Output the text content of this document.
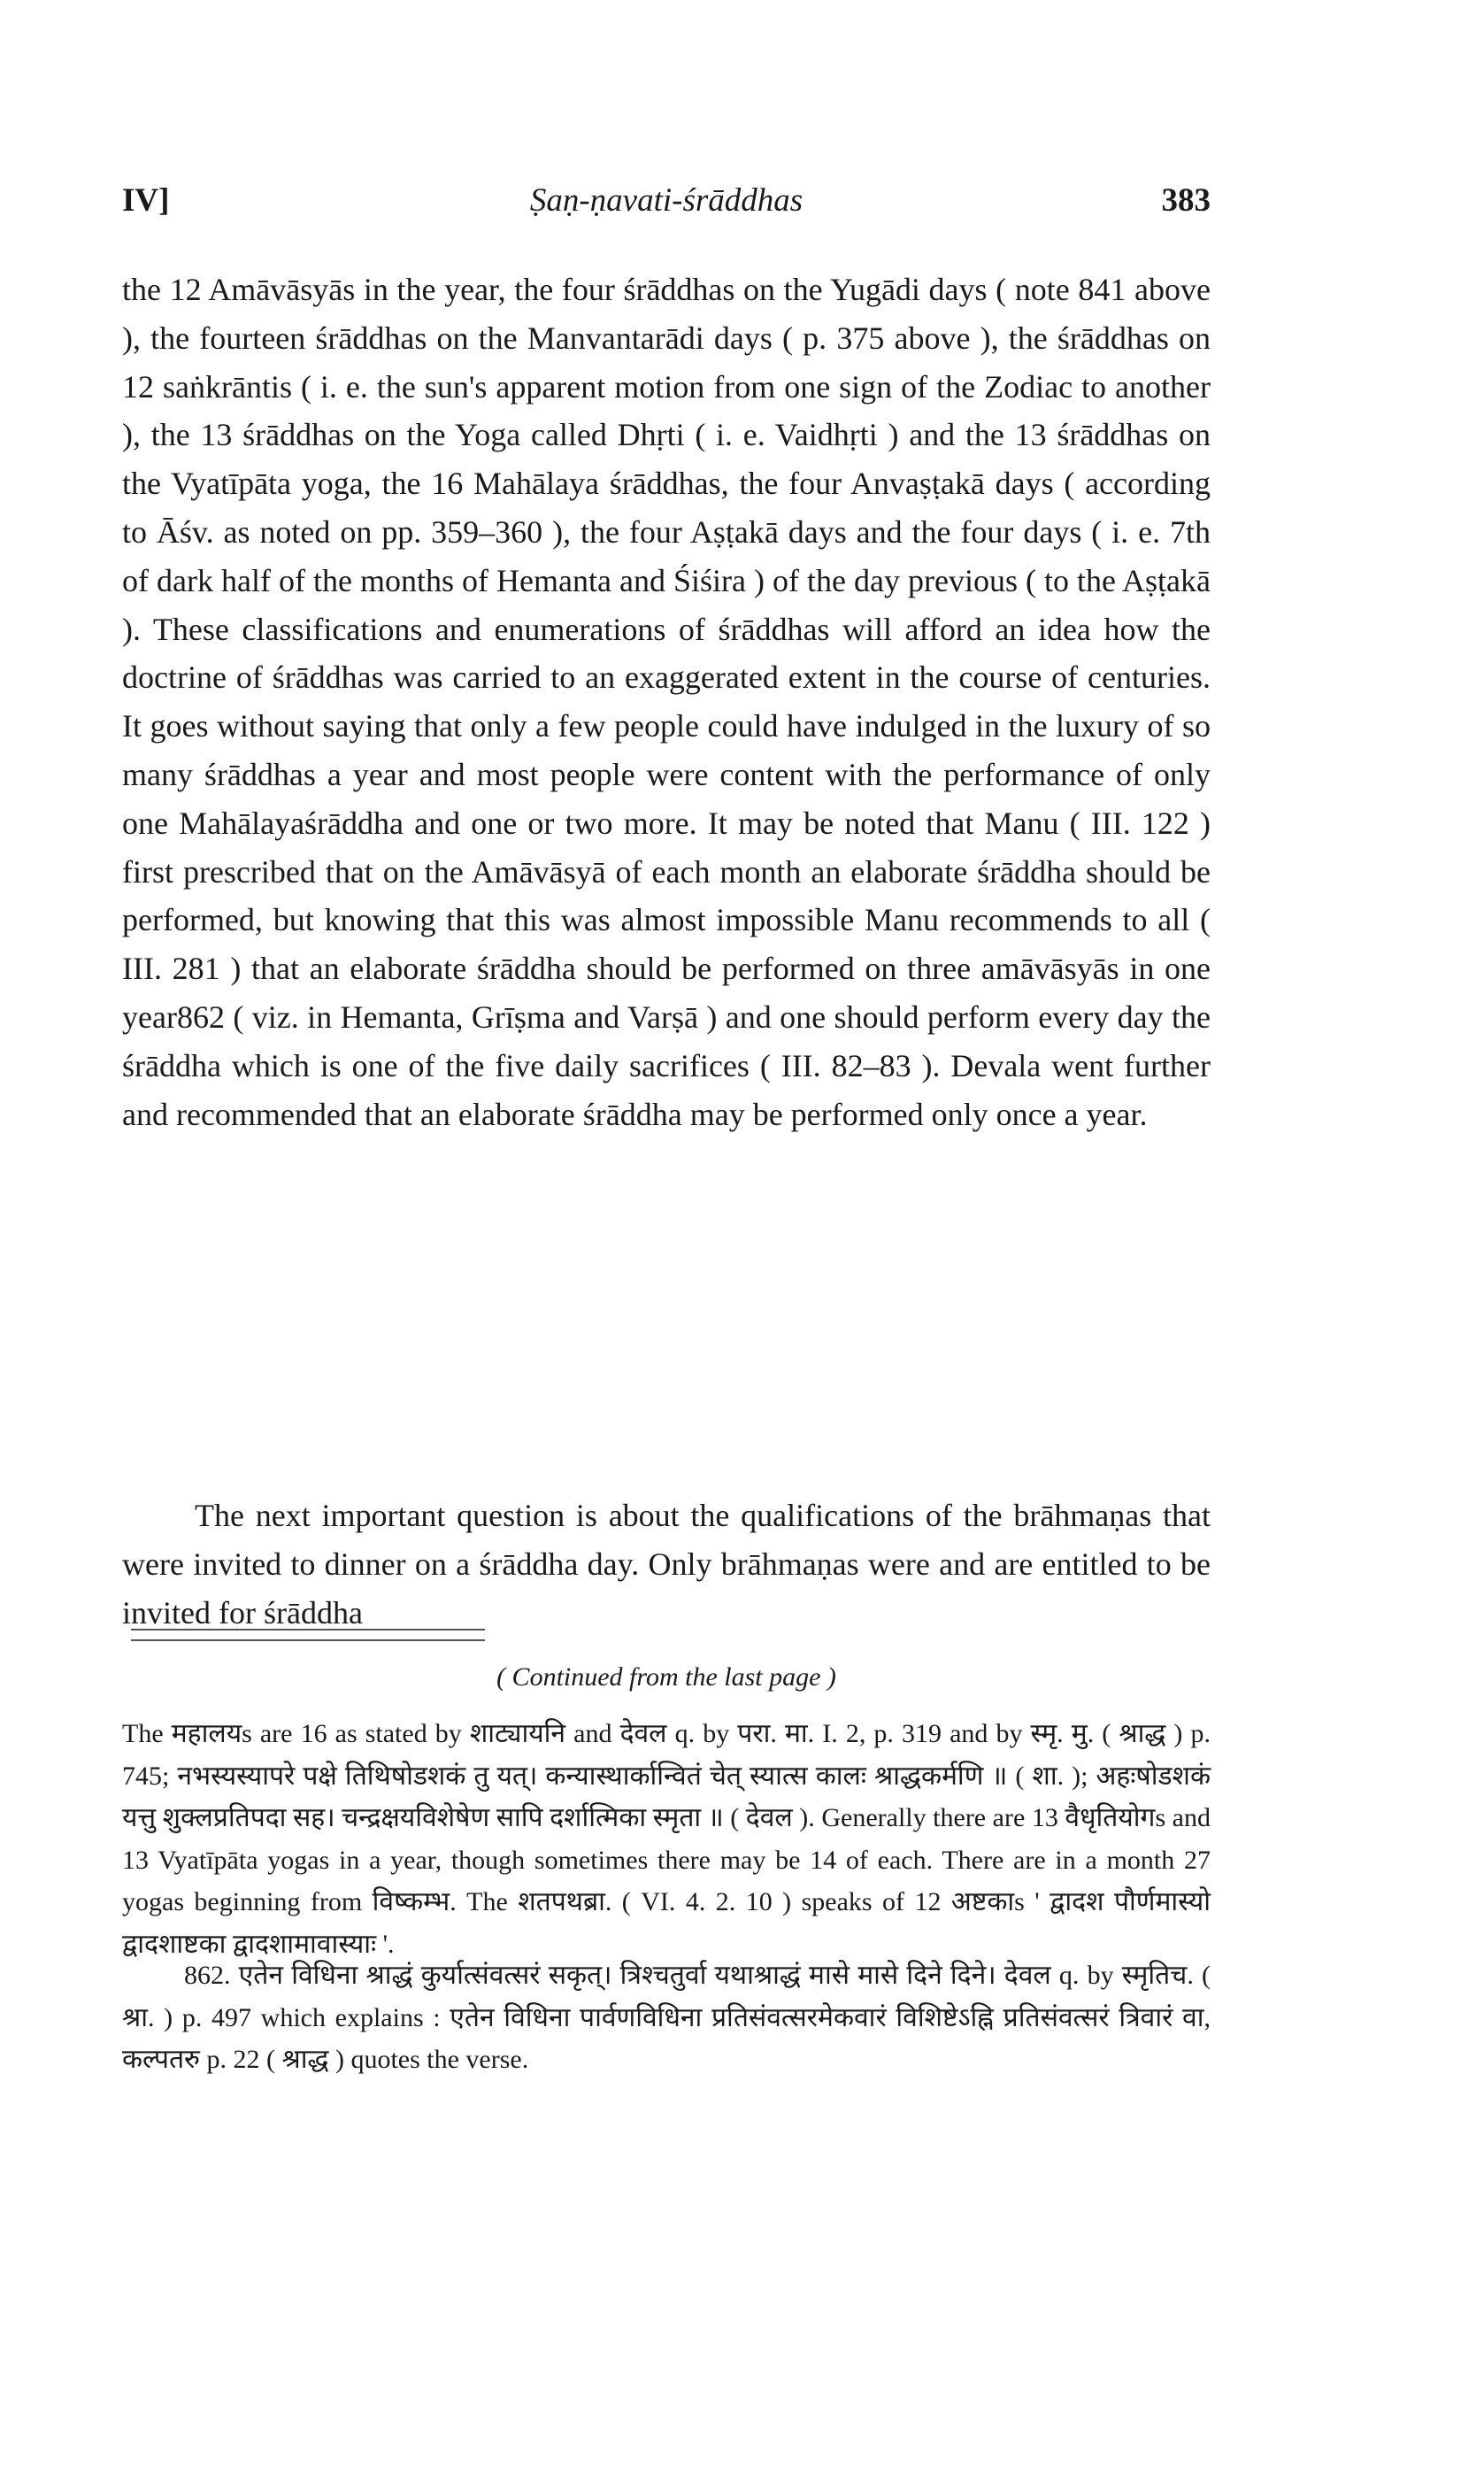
IV]	Ṣaṇ-ṇavati-śrāddhas	383

the 12 Amāvāsyās in the year, the four śrāddhas on the Yugādi days ( note 841 above ), the fourteen śrāddhas on the Manvantarādi days ( p. 375 above ), the śrāddhas on 12 saṅkrāntis ( i. e. the sun's apparent motion from one sign of the Zodiac to another ), the 13 śrāddhas on the Yoga called Dhṛti ( i. e. Vaidhṛti ) and the 13 śrāddhas on the Vyatīpāta yoga, the 16 Mahālaya śrāddhas, the four Anvaṣṭakā days ( according to Āśv. as noted on pp. 359–360 ), the four Aṣṭakā days and the four days ( i. e. 7th of dark half of the months of Hemanta and Śiśira ) of the day previous ( to the Aṣṭakā ). These classifications and enumerations of śrāddhas will afford an idea how the doctrine of śrāddhas was carried to an exaggerated extent in the course of centuries. It goes without saying that only a few people could have indulged in the luxury of so many śrāddhas a year and most people were content with the performance of only one Mahālayaśrāddha and one or two more. It may be noted that Manu ( III. 122 ) first prescribed that on the Amāvāsyā of each month an elaborate śrāddha should be performed, but knowing that this was almost impossible Manu recommends to all ( III. 281 ) that an elaborate śrāddha should be performed on three amāvāsyās in one year862 ( viz. in Hemanta, Grīṣma and Varṣā ) and one should perform every day the śrāddha which is one of the five daily sacrifices ( III. 82–83 ). Devala went further and recommended that an elaborate śrāddha may be performed only once a year.

The next important question is about the qualifications of the brāhmaṇas that were invited to dinner on a śrāddha day. Only brāhmaṇas were and are entitled to be invited for śrāddha

( Continued from the last page )

The महालयs are 16 as stated by शाट्यायनि and देवल q. by परा. मा. I. 2, p. 319 and by स्मृ. मु. ( श्राद्ध ) p. 745; नभस्यस्यापरे पक्षे तिथिषोडशकं तु यत्। कन्यास्थार्कान्वितं चेत् स्यात्स कालः श्राद्धकर्मणि ॥ ( शा. ); अहःषोडशकं यत्तु शुक्लप्रतिपदा सह। चन्द्रक्षयविशेषेण सापि दर्शात्मिका स्मृता ॥ ( देवल ). Generally there are 13 वैधृतियोगs and 13 Vyatīpāta yogas in a year, though sometimes there may be 14 of each. There are in a month 27 yogas beginning from विष्कम्भ. The शतपथब्रा. ( VI. 4. 2. 10 ) speaks of 12 अष्टकाs ' द्वादश पौर्णमास्यो द्वादशाष्टका द्वादशामावास्याः '.

862. एतेन विधिना श्राद्धं कुर्यात्संवत्सरं सकृत्। त्रिश्चतुर्वा यथाश्राद्धं मासे मासे दिने दिने। देवल q. by स्मृतिच. ( श्रा. ) p. 497 which explains : एतेन विधिना पार्वणविधिना प्रतिसंवत्सरमेकवारं विशिष्टेऽह्नि प्रतिसंवत्सरं त्रिवारं वा, कल्पतरु p. 22 ( श्राद्ध ) quotes the verse.
